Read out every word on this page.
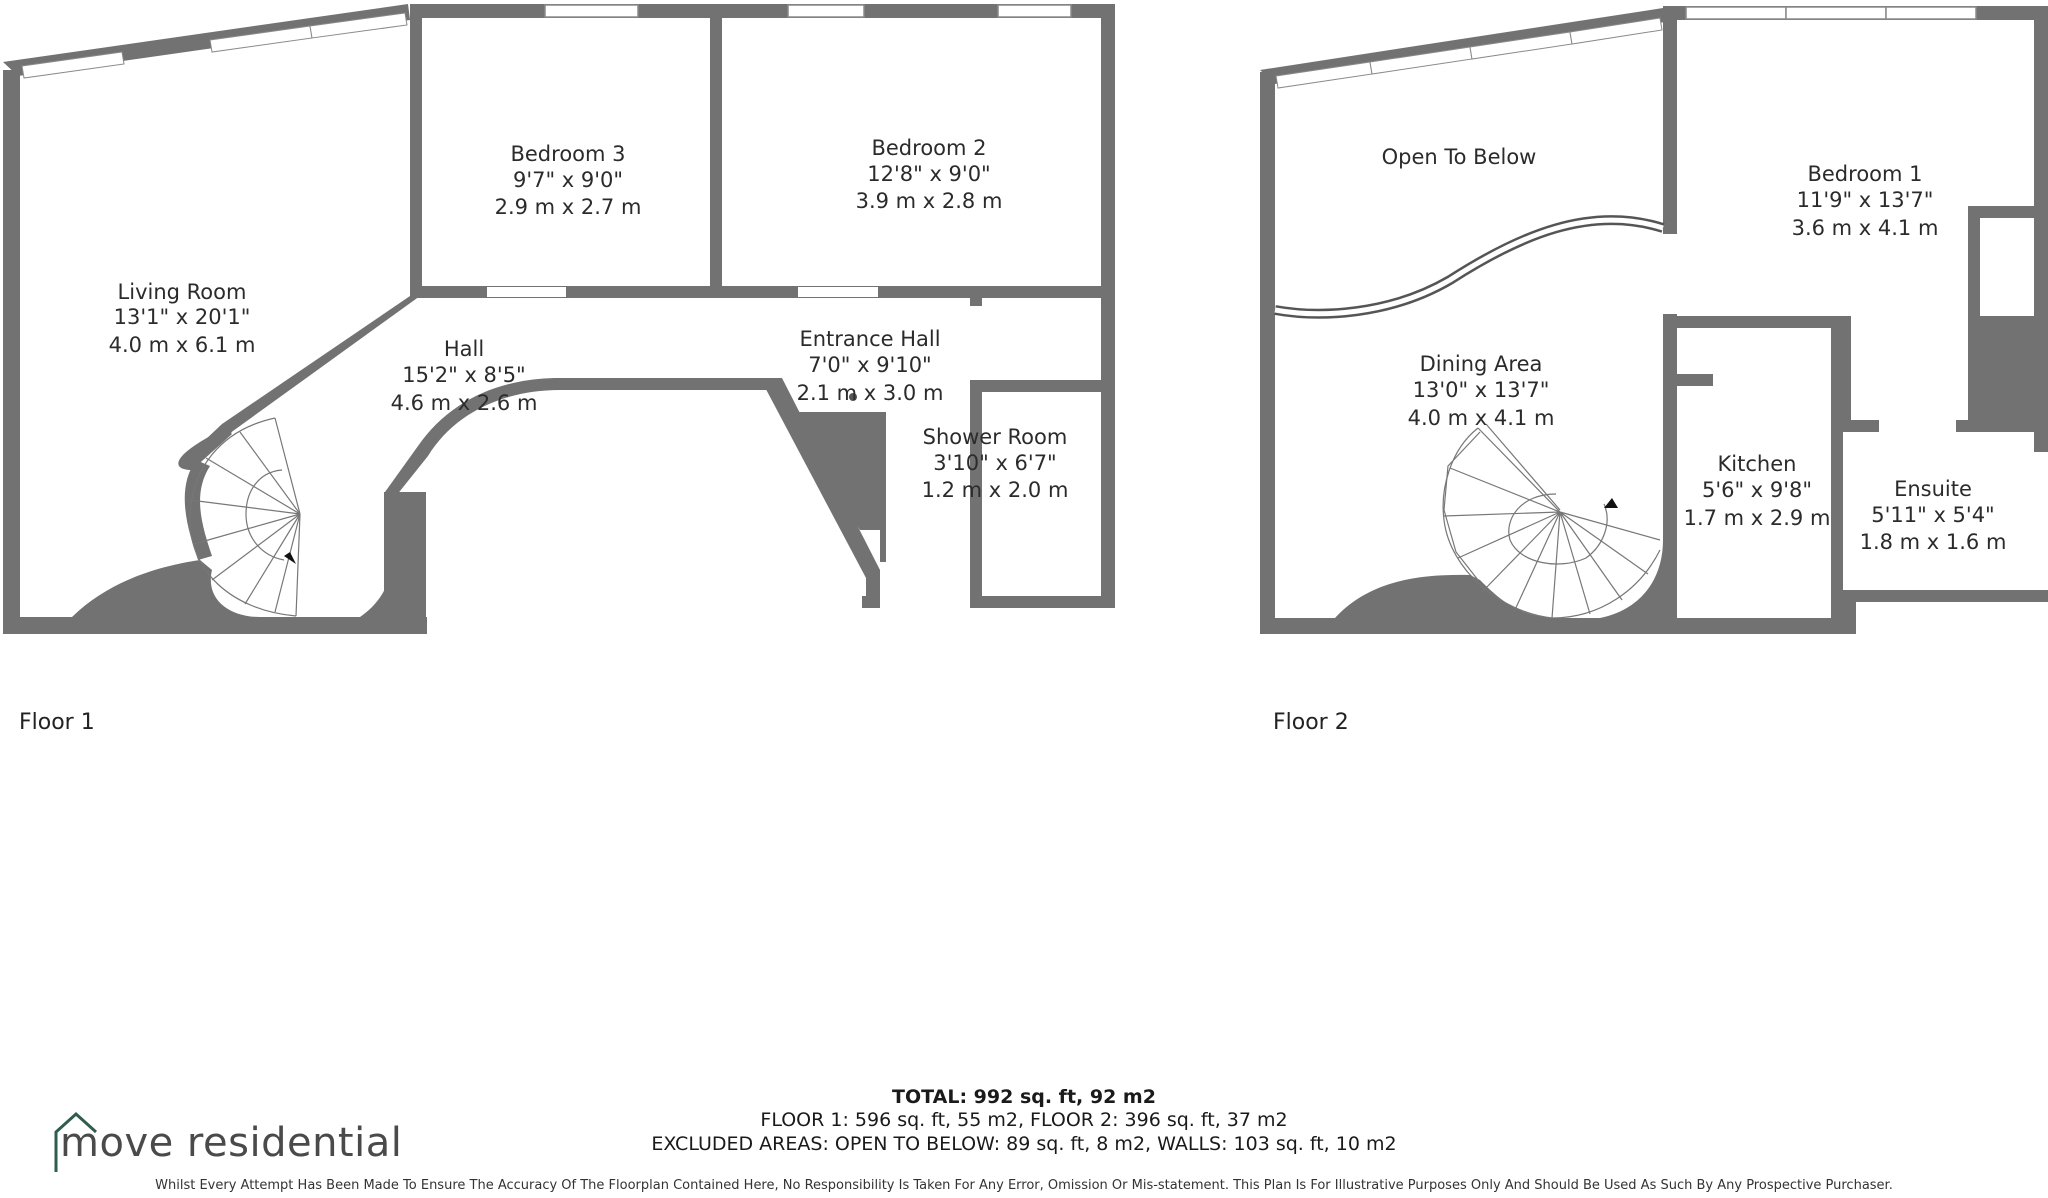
Living Room
13'1" x 20'1"
4.0 m x 6.1 m
Bedroom 3
9'7" x 9'0"
2.9 m x 2.7 m
Bedroom 2
12'8" x 9'0"
3.9 m x 2.8 m
Hall
15'2" x 8'5"
4.6 m x 2.6 m
Entrance Hall
7'0" x 9'10"
2.1 m x 3.0 m
Shower Room
3'10" x 6'7"
1.2 m x 2.0 m
Open To Below
Bedroom 1
11'9" x 13'7"
3.6 m x 4.1 m
Dining Area
13'0" x 13'7"
4.0 m x 4.1 m
Kitchen
5'6" x 9'8"
1.7 m x 2.9 m
Ensuite
5'11" x 5'4"
1.8 m x 1.6 m
Floor 1	Floor 2
move residential
TOTAL: 992 sq. ft, 92 m2
FLOOR 1: 596 sq. ft, 55 m2, FLOOR 2: 396 sq. ft, 37 m2
EXCLUDED AREAS: OPEN TO BELOW: 89 sq. ft, 8 m2, WALLS: 103 sq. ft, 10 m2
Whilst Every Attempt Has Been Made To Ensure The Accuracy Of The Floorplan Contained Here, No Responsibility Is Taken For Any Error, Omission Or Mis-statement. This Plan Is For Illustrative Purposes Only And Should Be Used As Such By Any Prospective Purchaser.
